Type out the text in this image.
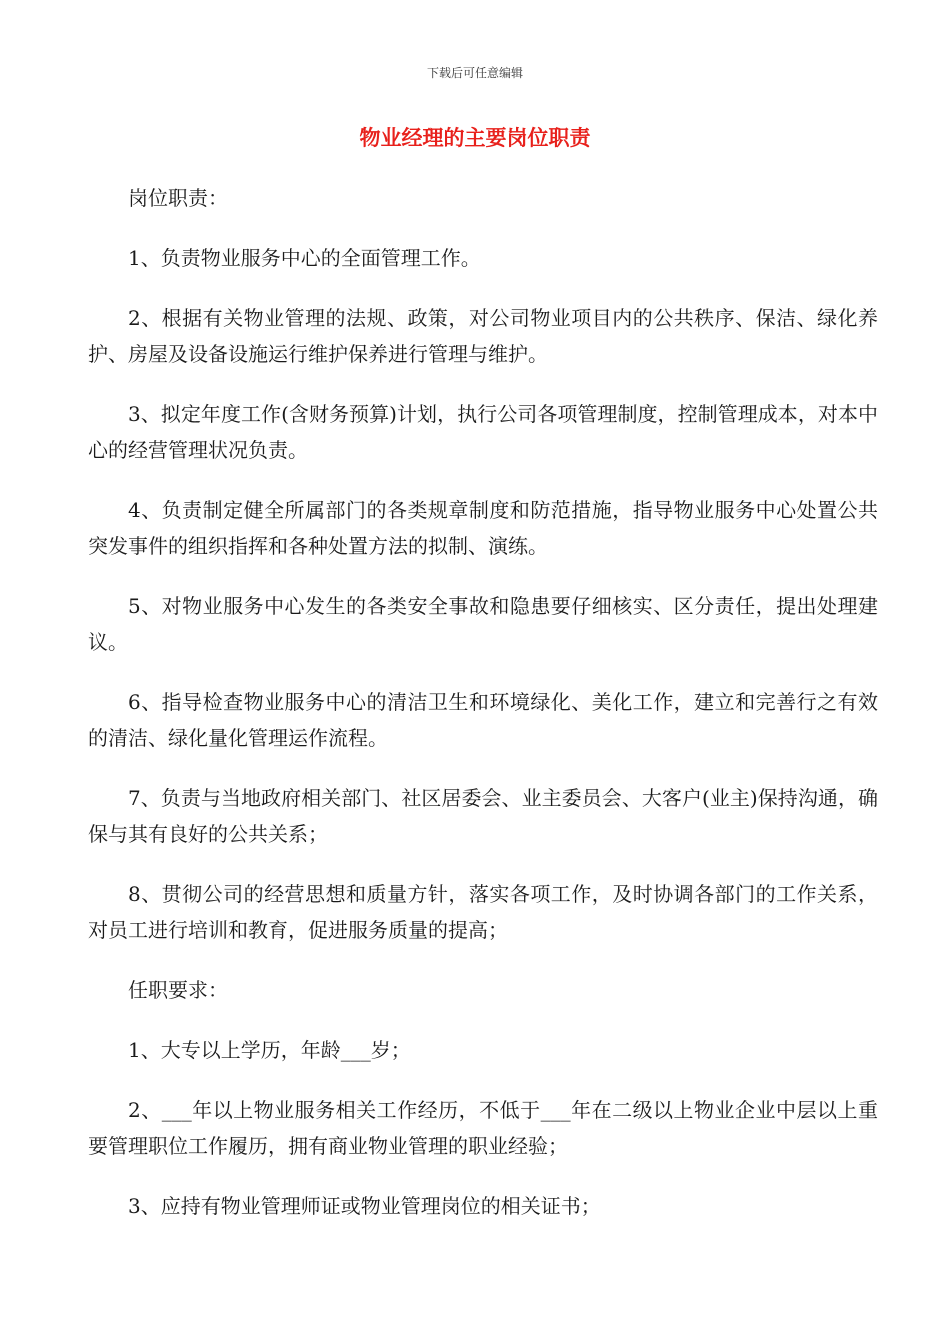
下载后可任意编辑
物业经理的主要岗位职责

岗位职责：

1、负责物业服务中心的全面管理工作。

2、根据有关物业管理的法规、政策，对公司物业项目内的公共秩序、保洁、绿化养护、房屋及设备设施运行维护保养进行管理与维护。

3、拟定年度工作(含财务预算)计划，执行公司各项管理制度，控制管理成本，对本中心的经营管理状况负责。

4、负责制定健全所属部门的各类规章制度和防范措施，指导物业服务中心处置公共突发事件的组织指挥和各种处置方法的拟制、演练。

5、对物业服务中心发生的各类安全事故和隐患要仔细核实、区分责任，提出处理建议。

6、指导检查物业服务中心的清洁卫生和环境绿化、美化工作，建立和完善行之有效的清洁、绿化量化管理运作流程。

7、负责与当地政府相关部门、社区居委会、业主委员会、大客户(业主)保持沟通，确保与其有良好的公共关系；

8、贯彻公司的经营思想和质量方针，落实各项工作，及时协调各部门的工作关系，对员工进行培训和教育，促进服务质量的提高；

任职要求：

1、大专以上学历，年龄___岁；

2、___年以上物业服务相关工作经历，不低于___年在二级以上物业企业中层以上重要管理职位工作履历，拥有商业物业管理的职业经验；

3、应持有物业管理师证或物业管理岗位的相关证书；
